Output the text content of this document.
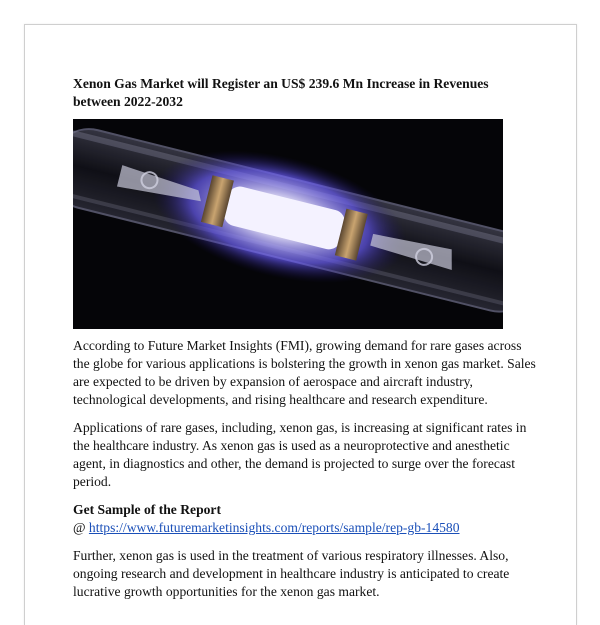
Xenon Gas Market will Register an US$ 239.6 Mn Increase in Revenues between 2022-2032

According to Future Market Insights (FMI), growing demand for rare gases across the globe for various applications is bolstering the growth in xenon gas market. Sales are expected to be driven by expansion of aerospace and aircraft industry, technological developments, and rising healthcare and research expenditure.

Applications of rare gases, including, xenon gas, is increasing at significant rates in the healthcare industry. As xenon gas is used as a neuroprotective and anesthetic agent, in diagnostics and other, the demand is projected to surge over the forecast period.

Get Sample of the Report
@ https://www.futuremarketinsights.com/reports/sample/rep-gb-14580

Further, xenon gas is used in the treatment of various respiratory illnesses. Also, ongoing research and development in healthcare industry is anticipated to create lucrative growth opportunities for the xenon gas market.
